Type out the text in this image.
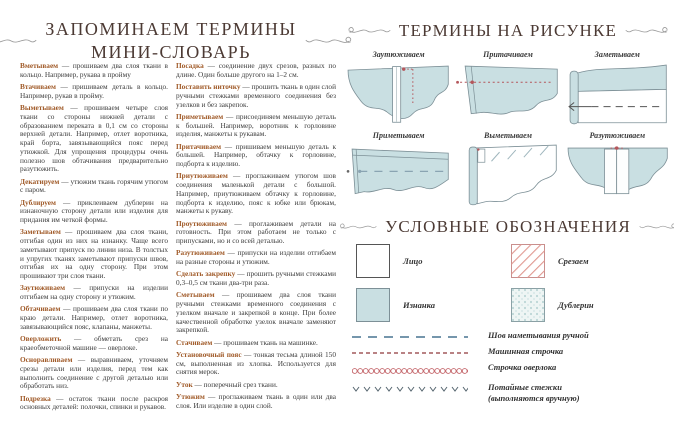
ЗАПОМИНАЕМ ТЕРМИНЫ
МИНИ-СЛОВАРЬ

Вметываем — прошиваем два слоя ткани в кольцо. Например, рукава в пройму

Втачиваем — пришиваем деталь в кольцо. Например, рукав в пройму.

Выметываем — прошиваем четыре слоя ткани со стороны нижней детали с образованием переката в 0,1 см со стороны верхней детали. Например, отлет воротника, край борта, завязывающийся пояс перед утюжкой. Для упрощения процедуры очень полезно шов обтачивания предварительно разутюжить.

Декатируем — утюжим ткань горячим утюгом с паром.

Дублируем — приклеиваем дублерин на изнаночную сторону детали или изделия для придания им четкой формы.

Заметываем — прошиваем два слоя ткани, отгибая один из них на изнанку. Чаще всего заметывают припуск по линии низа. В толстых и упругих тканях заметывают припуски швов, отгибая их на одну сторону. При этом прошивают три слоя ткани.

Заутюживаем — припуски на изделии отгибаем на одну сторону и утюжим.

Обтачиваем — прошиваем два слоя ткани по краю детали. Например, отлет воротника, завязывающийся пояс, клапаны, манжеты.

Оверложить — обметать срез на краеобметочной машине — оверлоке.

Осноравливаем — выравниваем, уточняем срезы детали или изделия, перед тем как выполнить соединение с другой деталью или обработать низ.

Подрезка — остаток ткани после раскроя основных деталей: полочки, спинки и рукавов.

Посадка — соединение двух срезов, разных по длине. Один больше другого на 1–2 см.

Поставить ниточку — прошить ткань в один слой ручными стежками временного соединения без узелков и без закрепок.

Приметываем — присоединяем меньшую деталь к большей. Например, воротник к горловине изделия, манжеты к рукавам.

Притачиваем — пришиваем меньшую деталь к большей. Например, обтачку к горловине, подборта к изделию.

Приутюживаем — проглаживаем утюгом шов соединения маленькой детали с большой. Например, приутюживаем обтачку к горловине, подборта к изделию, пояс к юбке или брюкам, манжеты к рукаву.

Проутюживаем — проглаживаем детали на готовность. При этом работаем не только с припусками, но и со всей деталью.

Разутюживаем — припуски на изделии отгибаем на разные стороны и утюжим.

Сделать закрепку — прошить ручными стежками 0,3–0,5 см ткани два-три раза.

Сметываем — прошиваем два слоя ткани ручными стежками временного соединения с узелком вначале и закрепкой в конце. При более качественной обработке узелок вначале заменяют закрепкой.

Стачиваем — прошиваем ткань на машинке.

Установочный пояс — тонкая тесьма длиной 150 см, выполненная из хлопка. Используется для снятия мерок.

Уток — поперечный срез ткани.

Утюжим — проглаживаем ткань в один или два слоя. Или изделие в один слой.

ТЕРМИНЫ НА РИСУНКЕ
Заутюживаем	Притачиваем	Заметываем
Приметываем	Выметываем	Разутюживаем
УСЛОВНЫЕ ОБОЗНАЧЕНИЯ
Лицо	Срезаем
Изнанка	Дублерин
Шов наметывания ручной
Машинная строчка
Строчка оверлока
Потайные стежки (выполняются вручную)
